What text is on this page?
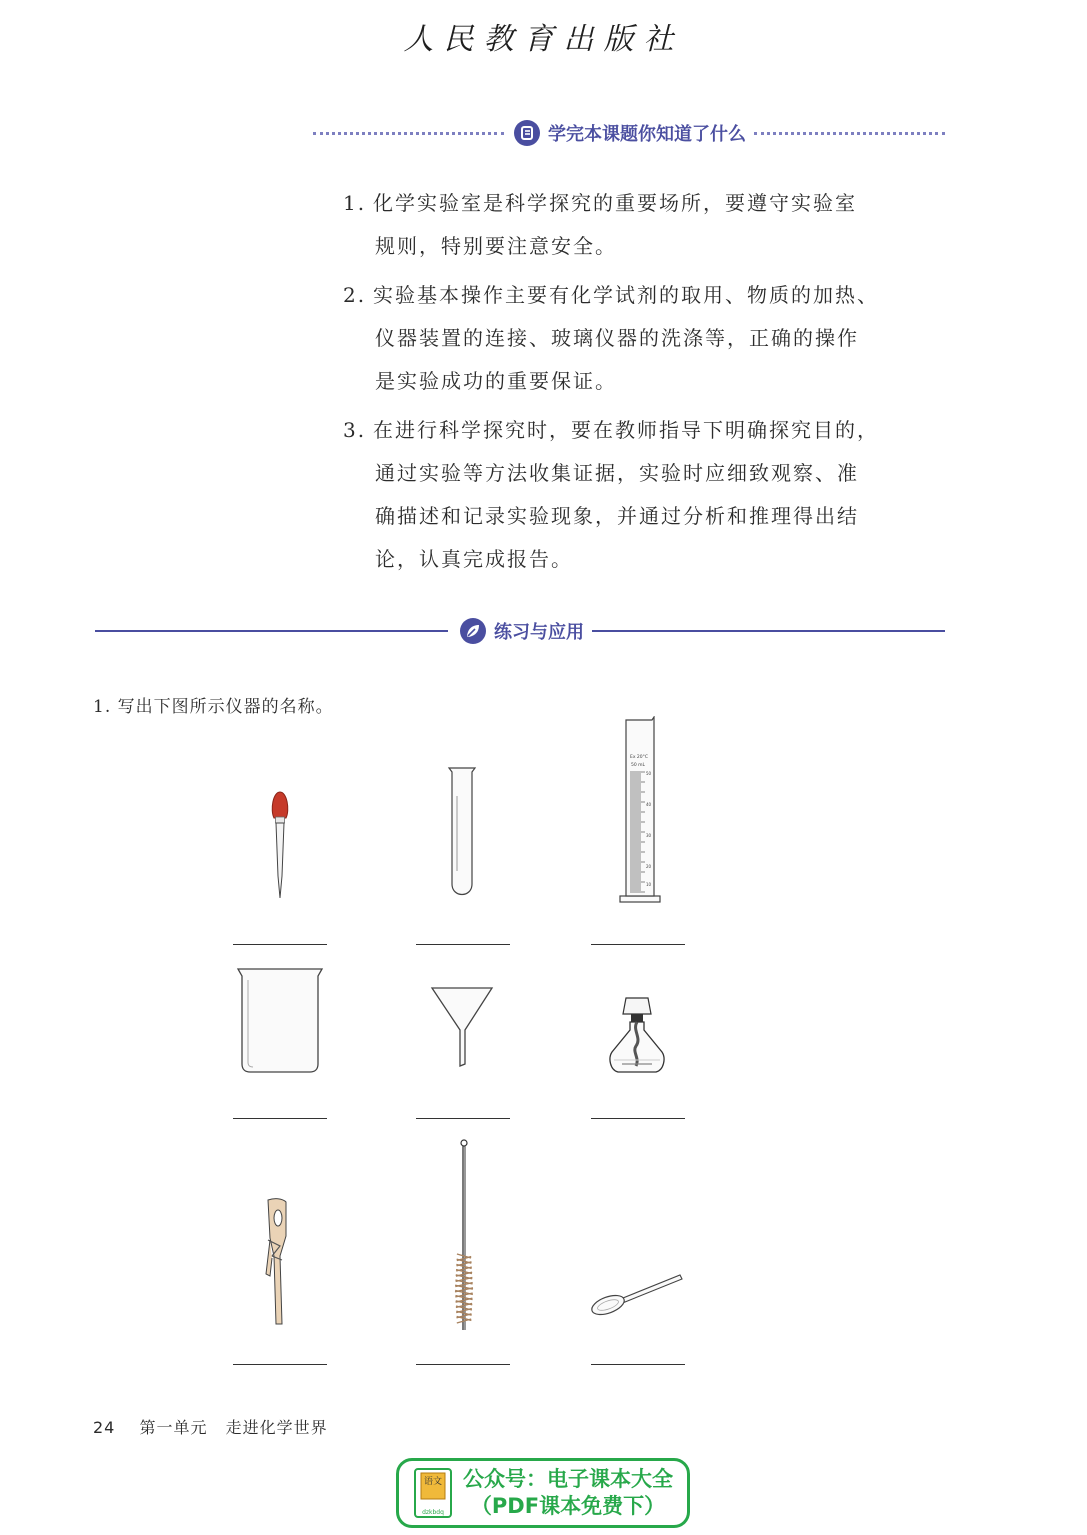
人民教育出版社
学完本课题你知道了什么
1. 化学实验室是科学探究的重要场所，要遵守实验室
规则，特别要注意安全。
2. 实验基本操作主要有化学试剂的取用、物质的加热、
仪器装置的连接、玻璃仪器的洗涤等，正确的操作
是实验成功的重要保证。
3. 在进行科学探究时，要在教师指导下明确探究目的，
通过实验等方法收集证据，实验时应细致观察、准
确描述和记录实验现象，并通过分析和推理得出结
论，认真完成报告。
练习与应用
1. 写出下图所示仪器的名称。
Ex 20°C
50 mL
50
40
30
20
10
24 第一单元 走进化学世界
语文
dzkbdq
公众号：电子课本大全
（PDF课本免费下）
